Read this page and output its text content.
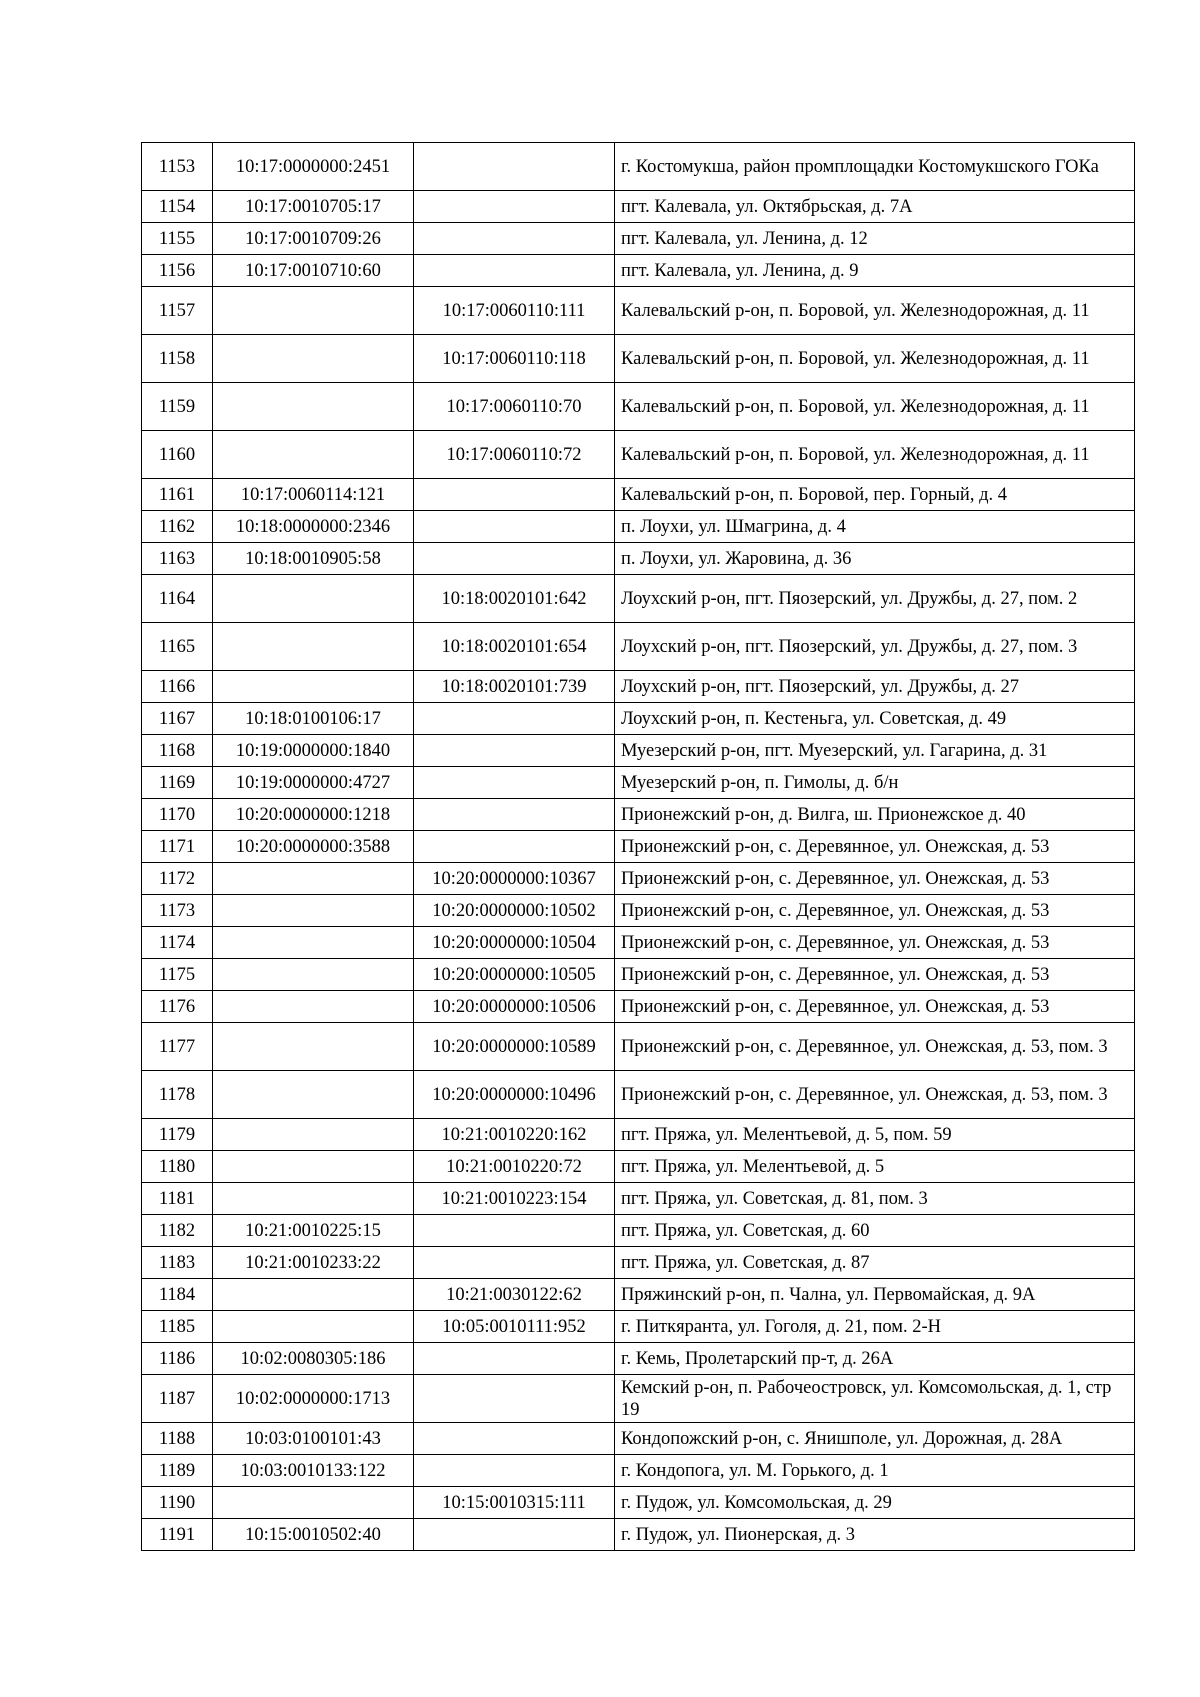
1153	10:17:0000000:2451		г. Костомукша, район промплощадки Костомукшского ГОКа
1154	10:17:0010705:17		пгт. Калевала, ул. Октябрьская, д. 7А
1155	10:17:0010709:26		пгт. Калевала, ул. Ленина, д. 12
1156	10:17:0010710:60		пгт. Калевала, ул. Ленина, д. 9
1157		10:17:0060110:111	Калевальский р-он, п. Боровой, ул. Железнодорожная, д. 11
1158		10:17:0060110:118	Калевальский р-он, п. Боровой, ул. Железнодорожная, д. 11
1159		10:17:0060110:70	Калевальский р-он, п. Боровой, ул. Железнодорожная, д. 11
1160		10:17:0060110:72	Калевальский р-он, п. Боровой, ул. Железнодорожная, д. 11
1161	10:17:0060114:121		Калевальский р-он, п. Боровой, пер. Горный, д. 4
1162	10:18:0000000:2346		п. Лоухи, ул. Шмагрина, д. 4
1163	10:18:0010905:58		п. Лоухи, ул. Жаровина, д. 36
1164		10:18:0020101:642	Лоухский р-он, пгт. Пяозерский, ул. Дружбы, д. 27, пом. 2
1165		10:18:0020101:654	Лоухский р-он, пгт. Пяозерский, ул. Дружбы, д. 27, пом. 3
1166		10:18:0020101:739	Лоухский р-он, пгт. Пяозерский, ул. Дружбы, д. 27
1167	10:18:0100106:17		Лоухский р-он, п. Кестеньга, ул. Советская, д. 49
1168	10:19:0000000:1840		Муезерский р-он, пгт. Муезерский, ул. Гагарина, д. 31
1169	10:19:0000000:4727		Муезерский р-он, п. Гимолы, д. б/н
1170	10:20:0000000:1218		Прионежский р-он, д. Вилга, ш. Прионежское д. 40
1171	10:20:0000000:3588		Прионежский р-он, с. Деревянное, ул. Онежская, д. 53
1172		10:20:0000000:10367	Прионежский р-он, с. Деревянное, ул. Онежская, д. 53
1173		10:20:0000000:10502	Прионежский р-он, с. Деревянное, ул. Онежская, д. 53
1174		10:20:0000000:10504	Прионежский р-он, с. Деревянное, ул. Онежская, д. 53
1175		10:20:0000000:10505	Прионежский р-он, с. Деревянное, ул. Онежская, д. 53
1176		10:20:0000000:10506	Прионежский р-он, с. Деревянное, ул. Онежская, д. 53
1177		10:20:0000000:10589	Прионежский р-он, с. Деревянное, ул. Онежская, д. 53, пом. 3
1178		10:20:0000000:10496	Прионежский р-он, с. Деревянное, ул. Онежская, д. 53, пом. 3
1179		10:21:0010220:162	пгт. Пряжа, ул. Мелентьевой, д. 5, пом. 59
1180		10:21:0010220:72	пгт. Пряжа, ул. Мелентьевой, д. 5
1181		10:21:0010223:154	пгт. Пряжа, ул. Советская, д. 81, пом. 3
1182	10:21:0010225:15		пгт. Пряжа, ул. Советская, д. 60
1183	10:21:0010233:22		пгт. Пряжа, ул. Советская, д. 87
1184		10:21:0030122:62	Пряжинский р-он, п. Чална, ул. Первомайская, д. 9А
1185		10:05:0010111:952	г. Питкяранта, ул. Гоголя, д. 21, пом. 2-Н
1186	10:02:0080305:186		г. Кемь, Пролетарский пр-т, д. 26А
1187	10:02:0000000:1713		Кемский р-он, п. Рабочеостровск, ул. Комсомольская, д. 1, стр 19
1188	10:03:0100101:43		Кондопожский р-он, с. Янишполе, ул. Дорожная, д. 28А
1189	10:03:0010133:122		г. Кондопога, ул. М. Горького, д. 1
1190		10:15:0010315:111	г. Пудож, ул. Комсомольская, д. 29
1191	10:15:0010502:40		г. Пудож, ул. Пионерская, д. 3
